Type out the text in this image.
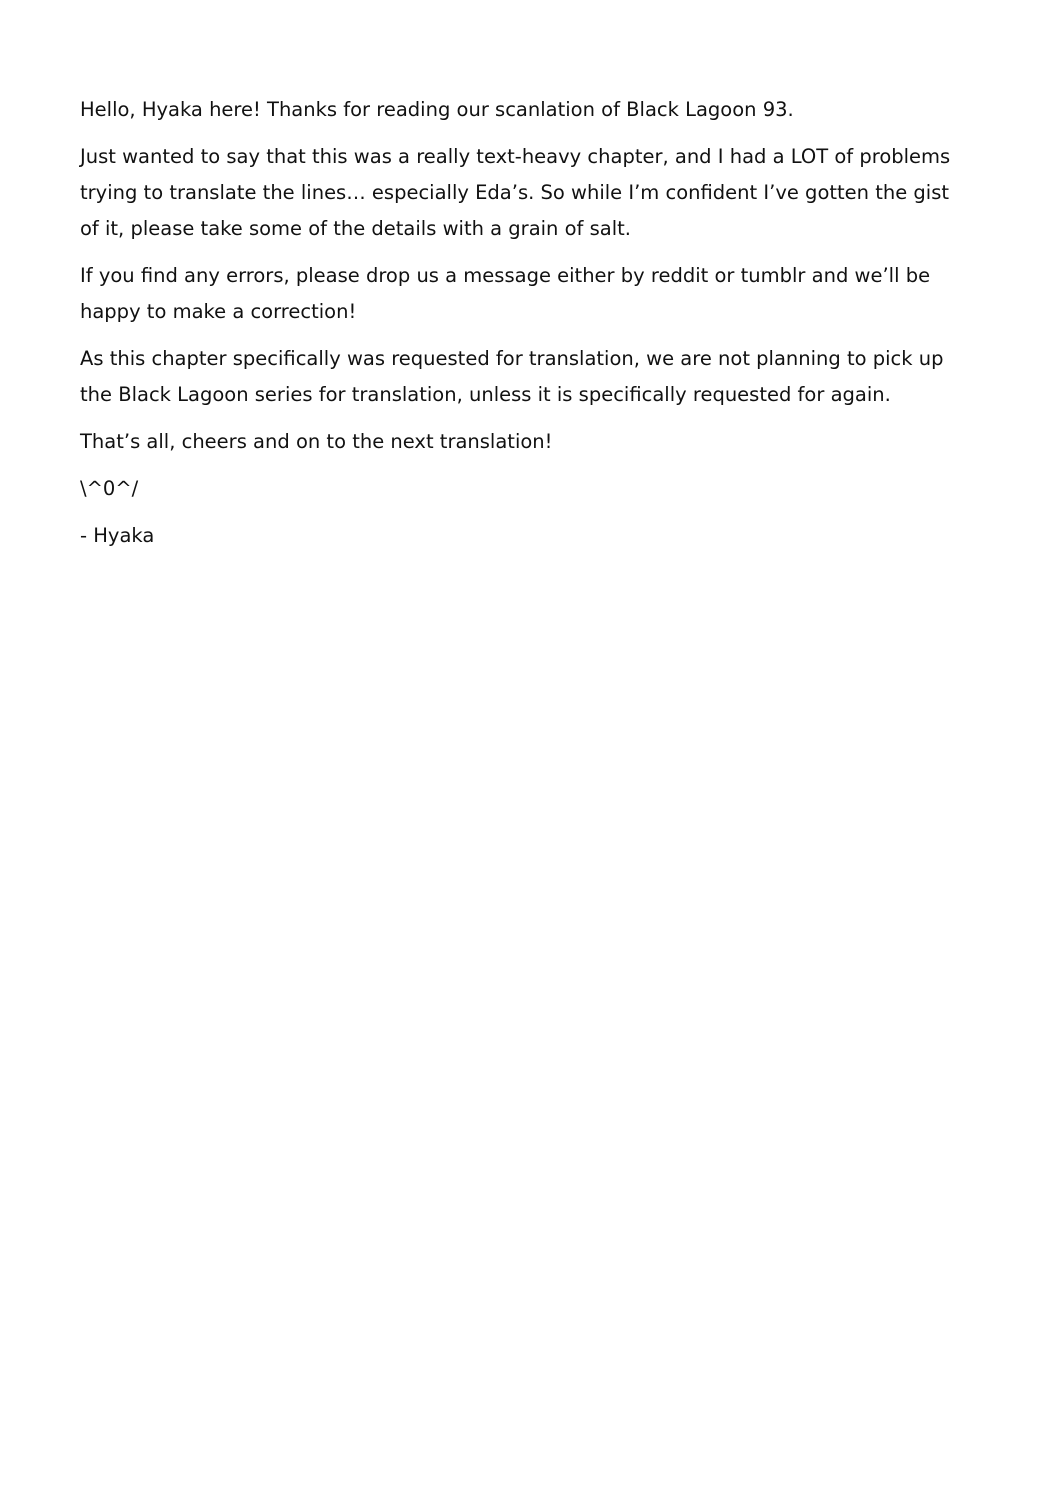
Hello, Hyaka here! Thanks for reading our scanlation of Black Lagoon 93.

Just wanted to say that this was a really text-heavy chapter, and I had a LOT of problems trying to translate the lines… especially Eda’s. So while I’m confident I’ve gotten the gist of it, please take some of the details with a grain of salt.

If you find any errors, please drop us a message either by reddit or tumblr and we’ll be happy to make a correction!

As this chapter specifically was requested for translation, we are not planning to pick up the Black Lagoon series for translation, unless it is specifically requested for again.

That’s all, cheers and on to the next translation!

\^0^/

- Hyaka
